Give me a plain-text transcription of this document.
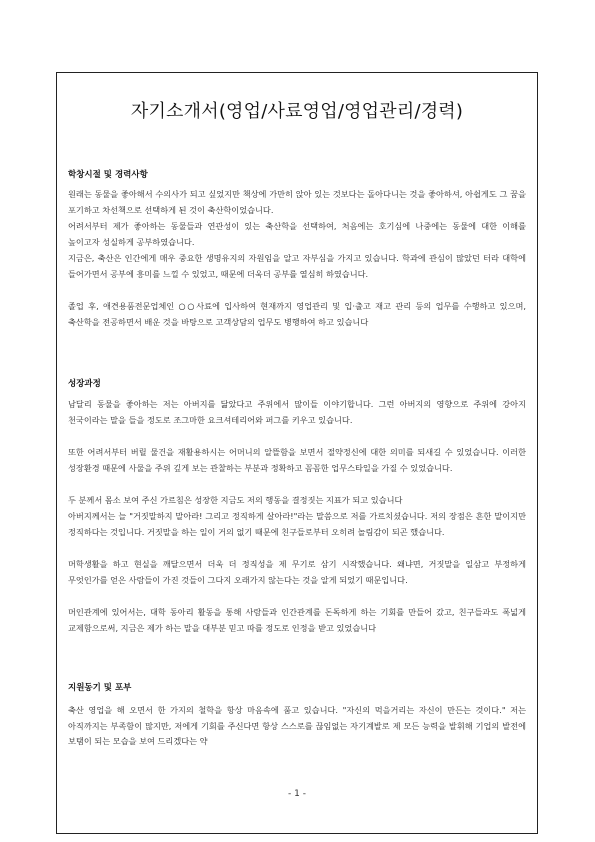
자기소개서(영업/사료영업/영업관리/경력)
학창시절 및 경력사항
원래는 동물을 좋아해서 수의사가 되고 싶었지만 책상에 가만히 앉아 있는 것보다는 돌아다니는 것을 좋아하셔, 아쉽게도 그 꿈을 포기하고 차선책으로 선택하게 된 것이 축산학이었습니다.
어려서부터 제가 좋아하는 동물들과 연관성이 있는 축산학을 선택하여, 처음에는 호기심에 나중에는 동물에 대한 이해를 높이고자 성실하게 공부하였습니다.
지금은, 축산은 인간에게 매우 중요한 생명유지의 자원임을 알고 자부심을 가지고 있습니다. 학과에 관심이 많았던 터라 대학에 들어가면서 공부에 흥미를 느낄 수 있었고, 때문에 더욱더 공부를 열심히 하였습니다.
졸업 후, 애견용품전문업체인 ○○사료에 입사하여 현재까지 영업관리 및 입·출고 재고 관리 등의 업무를 수행하고 있으며, 축산학을 전공하면서 배운 것을 바탕으로 고객상담의 업무도 병행하여 하고 있습니다
성장과정
남달리 동물을 좋아하는 저는 아버지를 닮았다고 주위에서 많이들 이야기합니다. 그런 아버지의 영향으로 주위에 강아지 천국이라는 말을 들을 정도로 조그마한 요크셔테리어와 퍼그를 키우고 있습니다.
또한 어려서부터 버릴 물건을 재활용하시는 어머니의 알뜰함을 보면서 절약정신에 대한 의미를 되새길 수 있었습니다. 이러한 성장환경 때문에 사물을 주위 깊게 보는 관찰하는 부분과 정확하고 꼼꼼한 업무스타일을 가질 수 있었습니다.
두 분께서 몸소 보여 주신 가르침은 성장한 지금도 저의 행동을 결정짓는 지표가 되고 있습니다
아버지께서는 늘 "거짓말하지 말아라! 그리고 정직하게 살아라!"라는 말씀으로 저를 가르치셨습니다. 저의 장점은 흔한 말이지만 정직하다는 것입니다. 거짓말을 하는 일이 거의 없기 때문에 친구들로부터 오히려 놀림감이 되곤 했습니다.
머학생활을 하고 현실을 깨달으면서 더욱 더 정직성을 제 무기로 삼기 시작했습니다. 왜냐면, 거짓말을 일삼고 부정하게 무엇인가를 얻은 사람들이 가진 것들이 그다지 오래가지 않는다는 것을 알게 되었기 때문입니다.
머인관계에 있어서는, 대학 동아리 활동을 통해 사람들과 인간관계를 돈독하게 하는 기회를 만들어 갔고, 친구들과도 폭넓게 교제함으로써, 지금은 제가 하는 말을 대부분 믿고 따를 정도로 인정을 받고 있었습니다
지원동기 및 포부
축산 영업을 해 오면서 한 가지의 철학을 항상 마음속에 품고 있습니다. "자신의 먹을거리는 자신이 만든는 것이다." 저는 아직까지는 부족함이 많지만, 저에게 기회를 주신다면 항상 스스로를 끊임없는 자기계발로 제 모든 능력을 발휘해 기업의 발전에 보탬이 되는 모습을 보여 드리겠다는 약
- 1 -
